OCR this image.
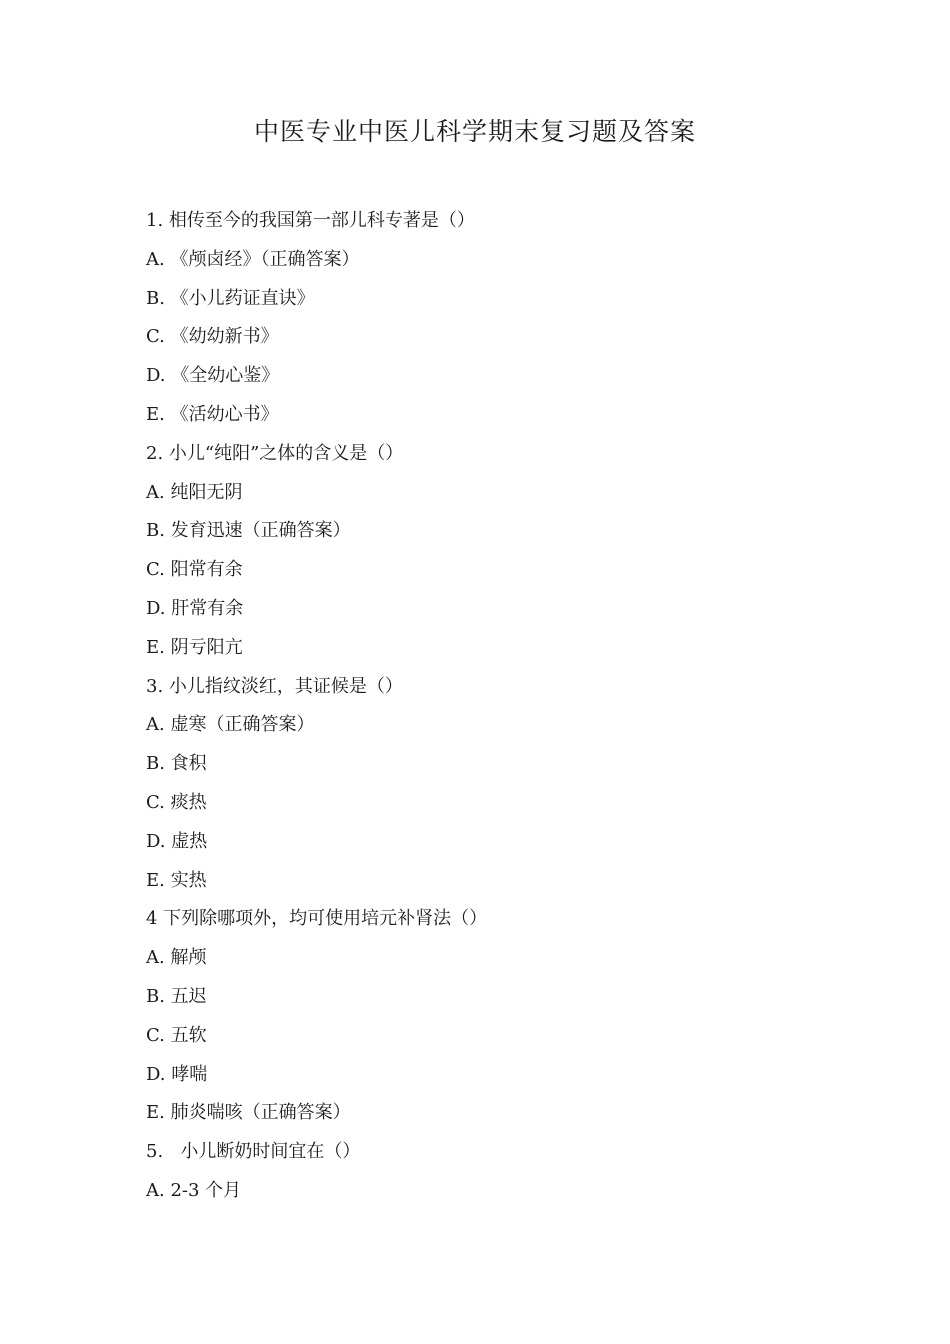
中医专业中医儿科学期末复习题及答案
1. 相传至今的我国第一部儿科专著是（）
A. 《颅卤经》（正确答案）
B. 《小儿药证直诀》
C. 《幼幼新书》
D. 《全幼心鉴》
E. 《活幼心书》
2. 小儿“纯阳”之体的含义是（）
A. 纯阳无阴
B. 发育迅速（正确答案）
C. 阳常有余
D. 肝常有余
E. 阴亏阳亢
3. 小儿指纹淡红，其证候是（）
A. 虚寒（正确答案）
B. 食积
C. 痰热
D. 虚热
E. 实热
4 下列除哪项外，均可使用培元补肾法（）
A. 解颅
B. 五迟
C. 五软
D. 哮喘
E. 肺炎喘咳（正确答案）
5.   小儿断奶时间宜在（）
A. 2-3 个月
